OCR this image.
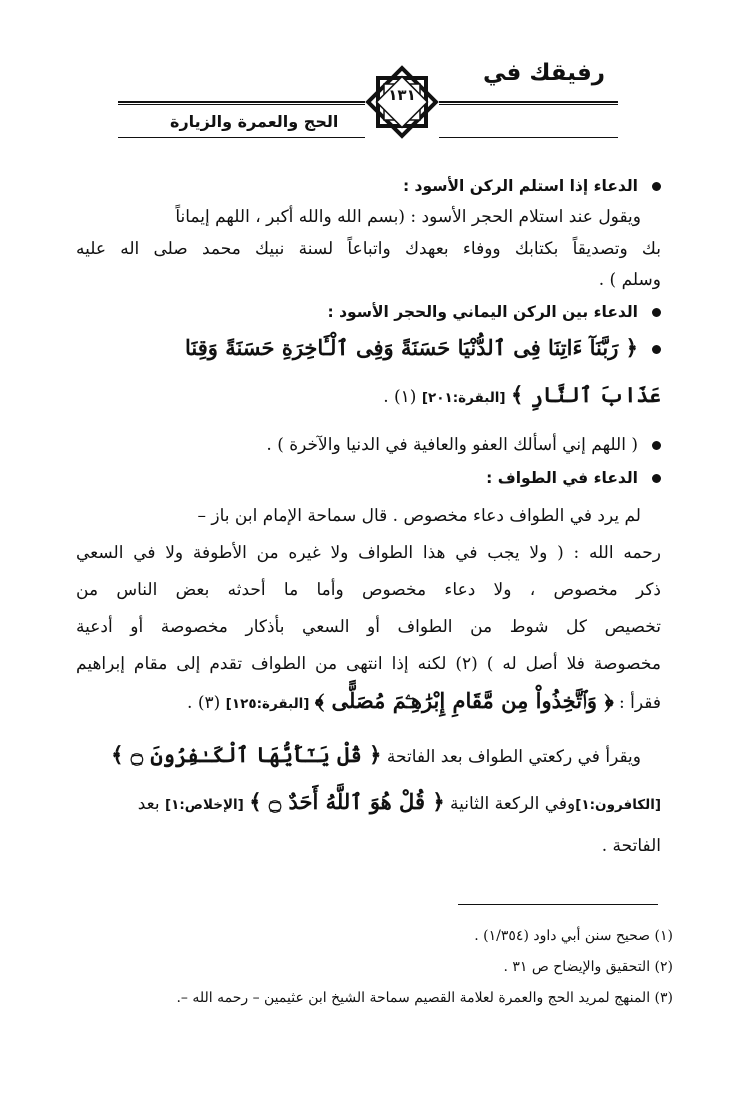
رفيقك في
الحج والعمرة والزيارة
١٣١
الدعاء إذا استلم الركن الأسود :
ويقول عند استلام الحجر الأسود : (بسم الله والله أكبر ، اللهم إيماناً
بك وتصديقاً بكتابك ووفاء بعهدك واتباعاً لسنة نبيك محمد صلى اله عليه
وسلم ) .
الدعاء بين الركن اليماني والحجر الأسود :
﴿ رَبَّنَآ ءَاتِنَا فِى ٱلدُّنْيَا حَسَنَةً وَفِى ٱلْـَٔاخِرَةِ حَسَنَةً وَقِنَا
عَذَابَ ٱلنَّارِ ﴾ [البقرة:٢٠١] (١) .
( اللهم إني أسألك العفو والعافية في الدنيا والآخرة ) .
الدعاء في الطواف :
لم يرد في الطواف دعاء مخصوص . قال سماحة الإمام ابن باز –
رحمه الله : ( ولا يجب في هذا الطواف ولا غيره من الأطوفة ولا في السعي
ذكر مخصوص ، ولا دعاء مخصوص وأما ما أحدثه بعض الناس من
تخصيص كل شوط من الطواف أو السعي بأذكار مخصوصة أو أدعية
مخصوصة فلا أصل له ) (٢) لكنه إذا انتهى من الطواف تقدم إلى مقام إبراهيم
فقرأ : ﴿ وَٱتَّخِذُواْ مِن مَّقَامِ إِبْرَٰهِـۧمَ مُصَلًّى ﴾ [البقرة:١٢٥] (٣) .
ويقرأ في ركعتي الطواف بعد الفاتحة ﴿ قُلْ يَـٰٓأَيُّهَا ٱلْكَـٰفِرُونَ ۝ ﴾
[الكافرون:١]وفي الركعة الثانية ﴿ قُلْ هُوَ ٱللَّهُ أَحَدٌ ۝ ﴾ [الإخلاص:١] بعد
الفاتحة .
(١) صحيح سنن أبي داود (١/٣٥٤) .
(٢) التحقيق والإيضاح ص ٣١ .
(٣) المنهج لمريد الحج والعمرة لعلامة القصيم سماحة الشيخ ابن عثيمين – رحمه الله –.
